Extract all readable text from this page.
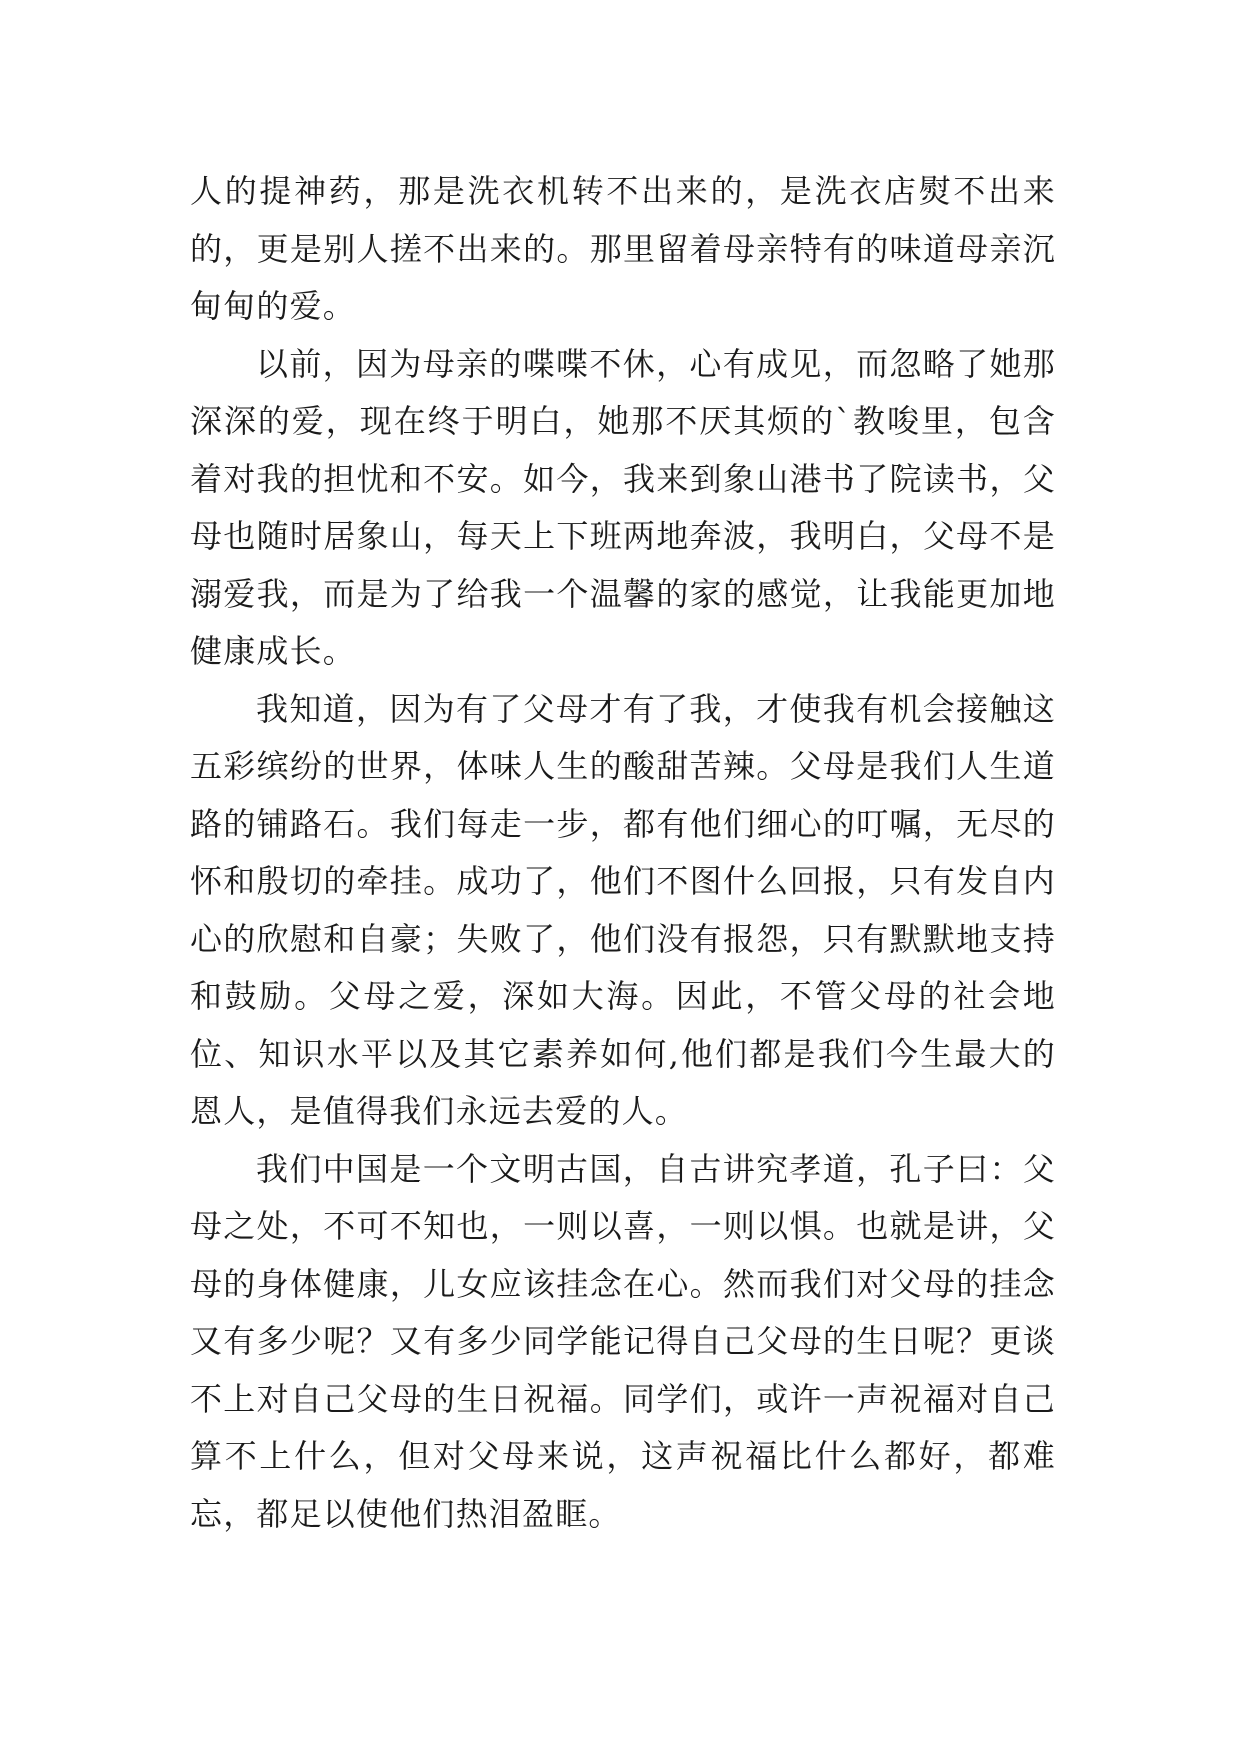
人的提神药，那是洗衣机转不出来的，是洗衣店熨不出来的，更是别人搓不出来的。那里留着母亲特有的味道母亲沉甸甸的爱。

以前，因为母亲的喋喋不休，心有成见，而忽略了她那深深的爱，现在终于明白，她那不厌其烦的`教唆里，包含着对我的担忧和不安。如今，我来到象山港书了院读书，父母也随时居象山，每天上下班两地奔波，我明白，父母不是溺爱我，而是为了给我一个温馨的家的感觉，让我能更加地健康成长。

我知道，因为有了父母才有了我，才使我有机会接触这五彩缤纷的世界，体味人生的酸甜苦辣。父母是我们人生道路的铺路石。我们每走一步，都有他们细心的叮嘱，无尽的怀和殷切的牵挂。成功了，他们不图什么回报，只有发自内心的欣慰和自豪；失败了，他们没有报怨，只有默默地支持和鼓励。父母之爱，深如大海。因此，不管父母的社会地位、知识水平以及其它素养如何,他们都是我们今生最大的恩人，是值得我们永远去爱的人。

我们中国是一个文明古国，自古讲究孝道，孔子曰：父母之处，不可不知也，一则以喜，一则以惧。也就是讲，父母的身体健康，儿女应该挂念在心。然而我们对父母的挂念又有多少呢？又有多少同学能记得自己父母的生日呢？更谈不上对自己父母的生日祝福。同学们，或许一声祝福对自己算不上什么，但对父母来说，这声祝福比什么都好，都难忘，都足以使他们热泪盈眶。
